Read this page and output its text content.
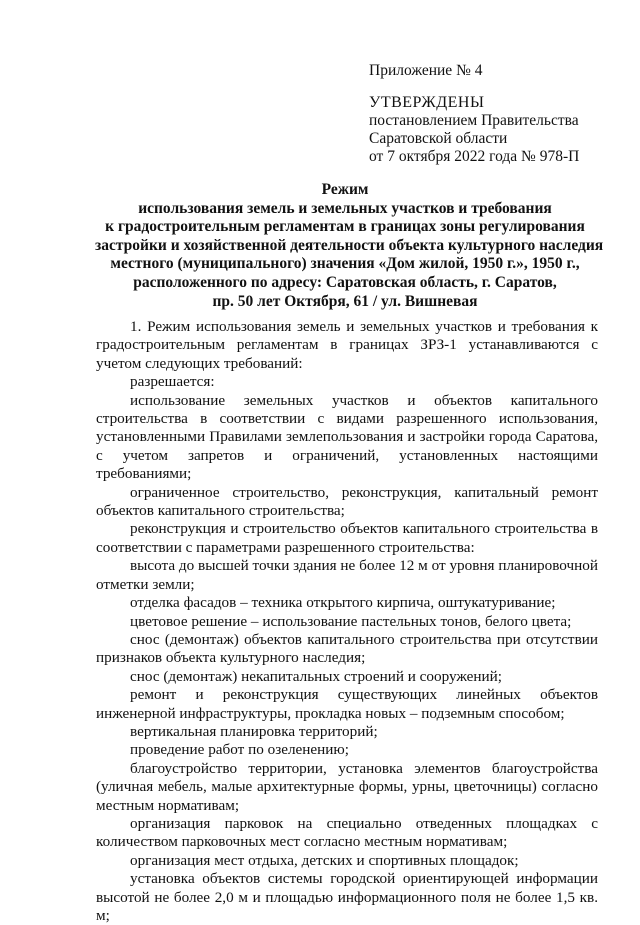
Приложение № 4
УТВЕРЖДЕНЫ
постановлением Правительства
Саратовской области
от 7 октября 2022 года № 978-П
Режим
использования земель и земельных участков и требования
к градостроительным регламентам в границах зоны регулирования
застройки и хозяйственной деятельности объекта культурного наследия
местного (муниципального) значения «Дом жилой, 1950 г.», 1950 г.,
расположенного по адресу: Саратовская область, г. Саратов,
пр. 50 лет Октября, 61 / ул. Вишневая

1. Режим использования земель и земельных участков и требования к градостроительным регламентам в границах ЗРЗ-1 устанавливаются с учетом следующих требований:

разрешается:

использование земельных участков и объектов капитального строительства в соответствии с видами разрешенного использования, установленными Правилами землепользования и застройки города Саратова, с учетом запретов и ограничений, установленных настоящими требованиями;

ограниченное строительство, реконструкция, капитальный ремонт объектов капитального строительства;

реконструкция и строительство объектов капитального строительства в соответствии с параметрами разрешенного строительства:

высота до высшей точки здания не более 12 м от уровня планировочной отметки земли;

отделка фасадов – техника открытого кирпича, оштукатуривание;

цветовое решение – использование пастельных тонов, белого цвета;

снос (демонтаж) объектов капитального строительства при отсутствии признаков объекта культурного наследия;

снос (демонтаж) некапитальных строений и сооружений;

ремонт и реконструкция существующих линейных объектов инженерной инфраструктуры, прокладка новых – подземным способом;

вертикальная планировка территорий;

проведение работ по озеленению;

благоустройство территории, установка элементов благоустройства (уличная мебель, малые архитектурные формы, урны, цветочницы) согласно местным нормативам;

организация парковок на специально отведенных площадках с количеством парковочных мест согласно местным нормативам;

организация мест отдыха, детских и спортивных площадок;

установка объектов системы городской ориентирующей информации высотой не более 2,0 м и площадью информационного поля не более 1,5 кв. м;
